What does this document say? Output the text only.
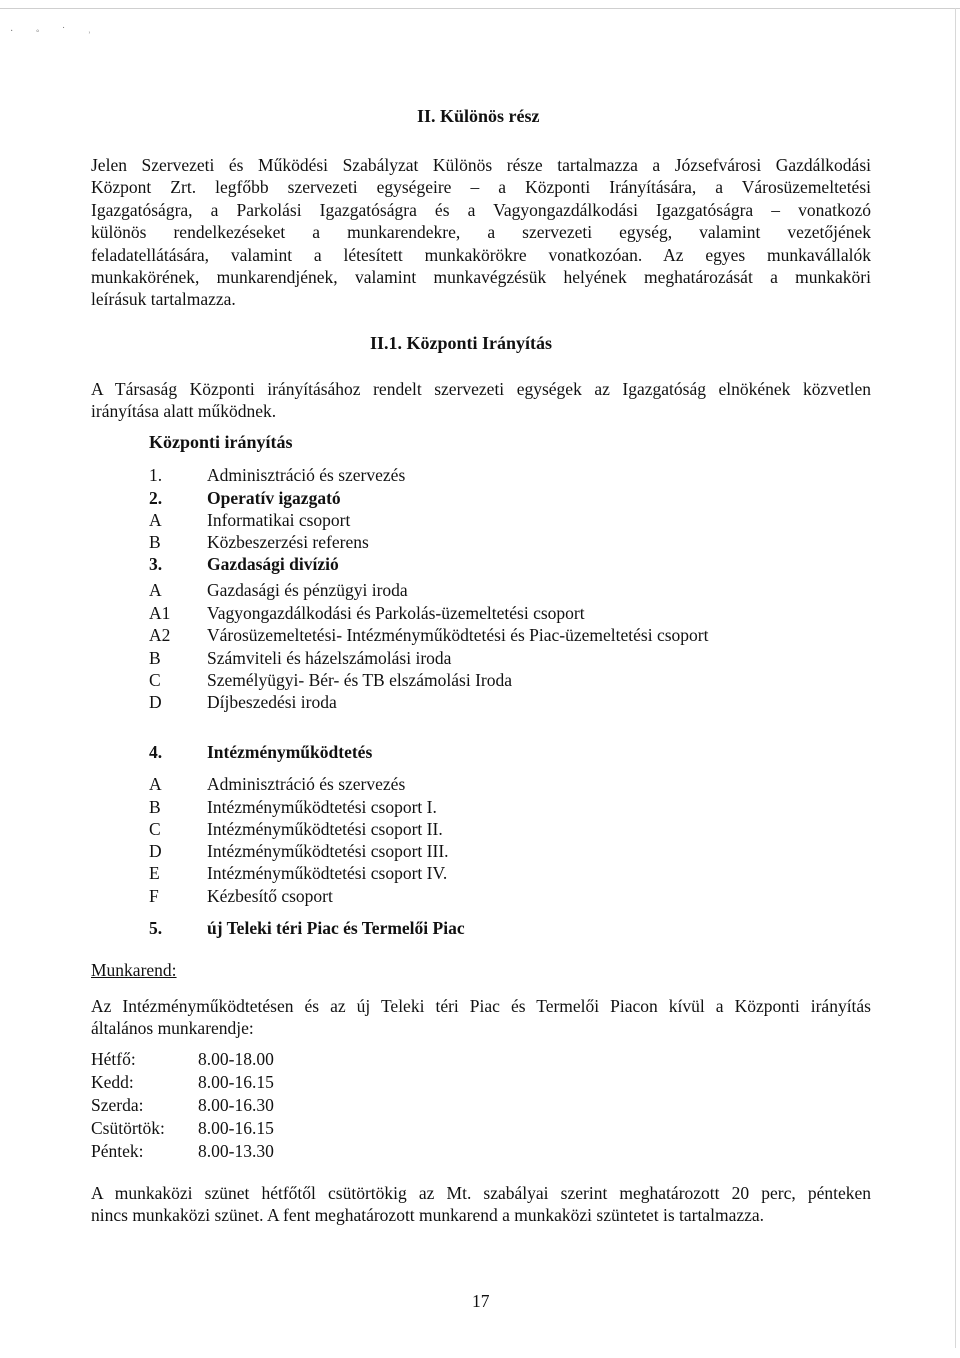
· ◦ ˙ ˒
II. Különös rész
Jelen Szervezeti és Működési Szabályzat Különös része tartalmazza a Józsefvárosi Gazdálkodási
Központ Zrt. legfőbb szervezeti egységeire – a Központi Irányítására, a Városüzemeltetési
Igazgatóságra, a Parkolási Igazgatóságra és a Vagyongazdálkodási Igazgatóságra – vonatkozó
különös rendelkezéseket a munkarendekre, a szervezeti egység, valamint vezetőjének
feladatellátására, valamint a létesített munkakörökre vonatkozóan. Az egyes munkavállalók
munkakörének, munkarendjének, valamint munkavégzésük helyének meghatározását a munkaköri
leírásuk tartalmazza.
II.1. Központi Irányítás
A Társaság Központi irányításához rendelt szervezeti egységek az Igazgatóság elnökének közvetlen
irányítása alatt működnek.
Központi irányítás
1.	Adminisztráció és szervezés
2.	Operatív igazgató
A	Informatikai csoport
B	Közbeszerzési referens
3.	Gazdasági divízió
A	Gazdasági és pénzügyi iroda
A1	Vagyongazdálkodási és Parkolás-üzemeltetési csoport
A2	Városüzemeltetési- Intézményműködtetési és Piac-üzemeltetési csoport
B	Számviteli és házelszámolási iroda
C	Személyügyi- Bér- és TB elszámolási Iroda
D	Díjbeszedési iroda
4.	Intézményműködtetés
A	Adminisztráció és szervezés
B	Intézményműködtetési csoport I.
C	Intézményműködtetési csoport II.
D	Intézményműködtetési csoport III.
E	Intézményműködtetési csoport IV.
F	Kézbesítő csoport
5.	új Teleki téri Piac és Termelői Piac
Munkarend:
Az Intézményműködtetésen és az új Teleki téri Piac és Termelői Piacon kívül a Központi irányítás
általános munkarendje:
Hétfő:	8.00-18.00
Kedd:	8.00-16.15
Szerda:	8.00-16.30
Csütörtök: 8.00-16.15
Péntek:	8.00-13.30
A munkaközi szünet hétfőtől csütörtökig az Mt. szabályai szerint meghatározott 20 perc, pénteken
nincs munkaközi szünet. A fent meghatározott munkarend a munkaközi szüntetet is tartalmazza.
17
